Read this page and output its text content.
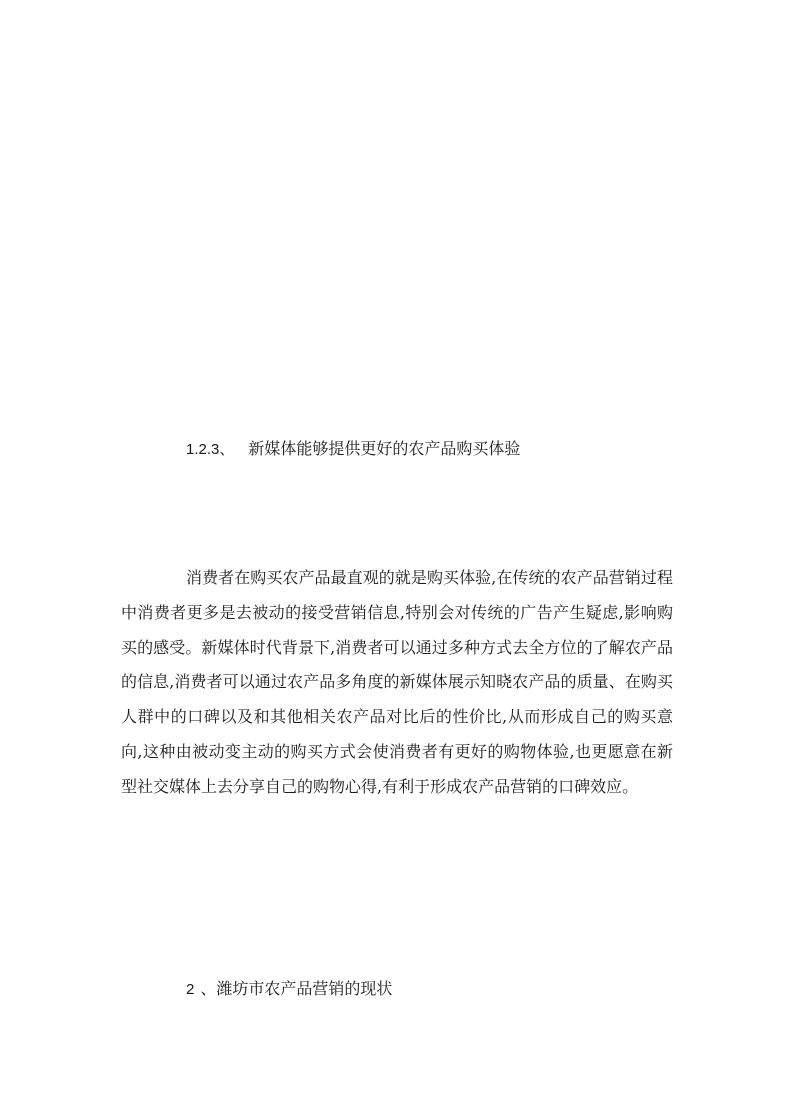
1.2.3、 新媒体能够提供更好的农产品购买体验

消费者在购买农产品最直观的就是购买体验,在传统的农产品营销过程中消费者更多是去被动的接受营销信息,特别会对传统的广告产生疑虑,影响购买的感受。新媒体时代背景下,消费者可以通过多种方式去全方位的了解农产品的信息,消费者可以通过农产品多角度的新媒体展示知晓农产品的质量、在购买人群中的口碑以及和其他相关农产品对比后的性价比,从而形成自己的购买意向,这种由被动变主动的购买方式会使消费者有更好的购物体验,也更愿意在新型社交媒体上去分享自己的购物心得,有利于形成农产品营销的口碑效应。

2 、潍坊市农产品营销的现状
